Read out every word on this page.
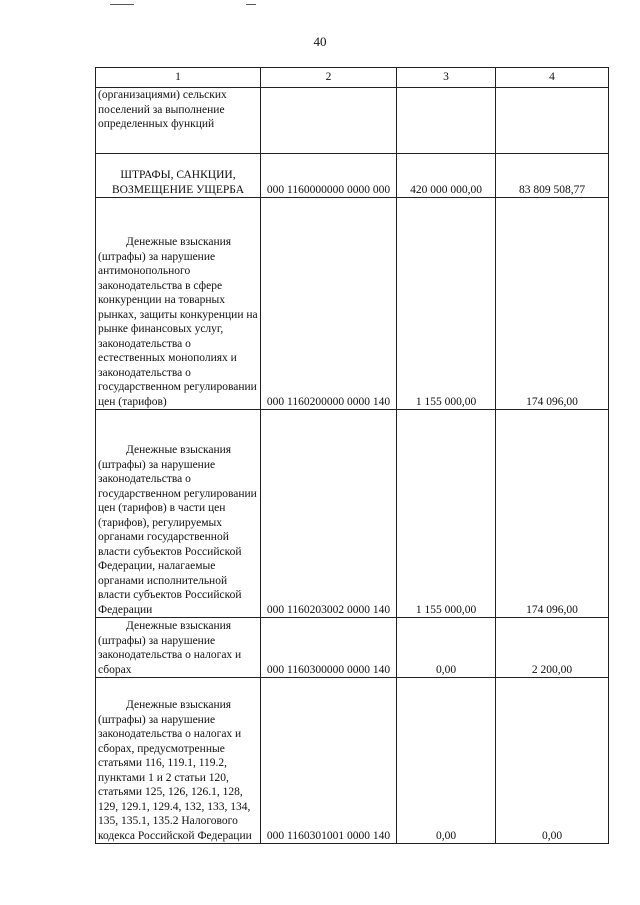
40
1	2	3	4
(организациями) сельских поселений за выполнение определенных функций			
ШТРАФЫ, САНКЦИИ, ВОЗМЕЩЕНИЕ УЩЕРБА	000 1160000000 0000 000	420 000 000,00	83 809 508,77
Денежные взыскания (штрафы) за нарушение антимонопольного законодательства в сфере конкуренции на товарных рынках, защиты конкуренции на рынке финансовых услуг, законодательства о естественных монополиях и законодательства о государственном регулировании цен (тарифов)	000 1160200000 0000 140	1 155 000,00	174 096,00
Денежные взыскания (штрафы) за нарушение законодательства о государственном регулировании цен (тарифов) в части цен (тарифов), регулируемых органами государственной власти субъектов Российской Федерации, налагаемые органами исполнительной власти субъектов Российской Федерации	000 1160203002 0000 140	1 155 000,00	174 096,00
Денежные взыскания (штрафы) за нарушение законодательства о налогах и сборах	000 1160300000 0000 140	0,00	2 200,00
Денежные взыскания (штрафы) за нарушение законодательства о налогах и сборах, предусмотренные статьями 116, 119.1, 119.2, пунктами 1 и 2 статьи 120, статьями 125, 126, 126.1, 128, 129, 129.1, 129.4, 132, 133, 134, 135, 135.1, 135.2 Налогового кодекса Российской Федерации	000 1160301001 0000 140	0,00	0,00
